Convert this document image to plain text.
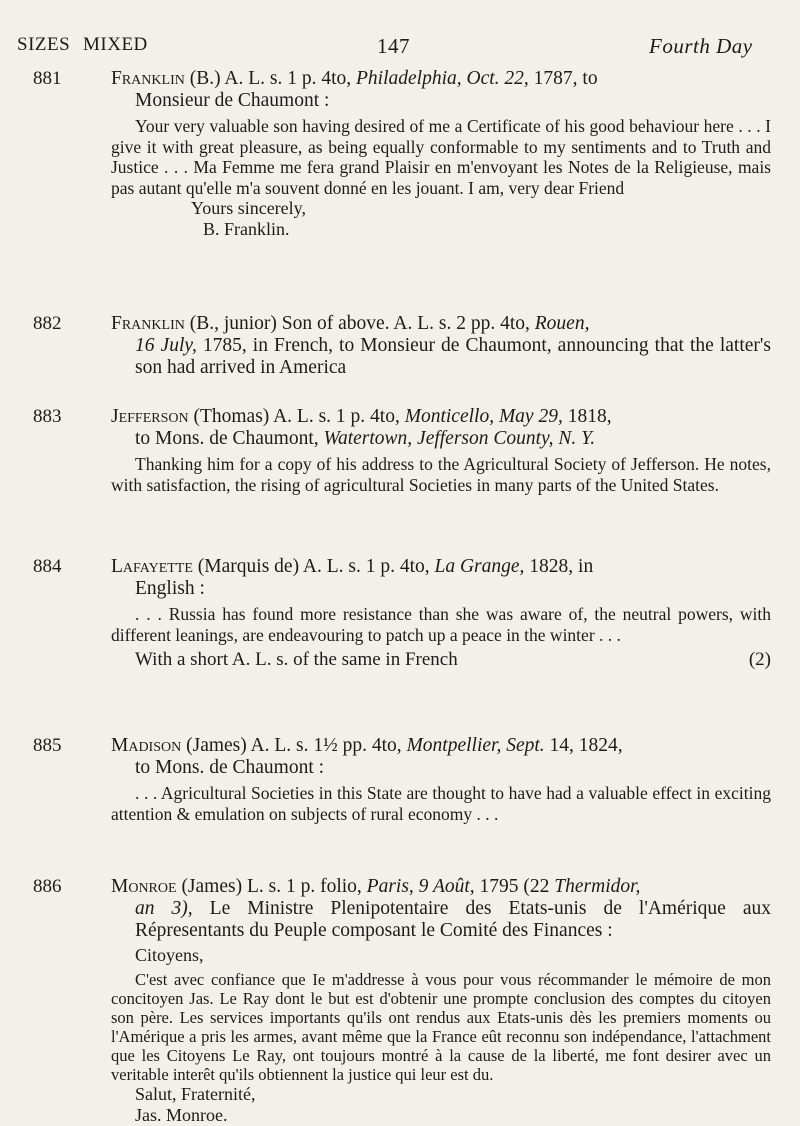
SIZES MIXED	147	Fourth Day
881	Franklin (B.) A. L. s. 1 p. 4to, Philadelphia, Oct. 22, 1787, to
Monsieur de Chaumont :
Your very valuable son having desired of me a Certificate of his good behaviour here . . . I give it with great pleasure, as being equally conformable to my sentiments and to Truth and Justice . . . Ma Femme me fera grand Plaisir en m'envoyant les Notes de la Religieuse, mais pas autant qu'elle m'a souvent donné en les jouant. I am, very dear Friend
Yours sincerely,
B. Franklin.
882	Franklin (B., junior) Son of above. A. L. s. 2 pp. 4to, Rouen,
16 July, 1785, in French, to Monsieur de Chaumont, announcing that the latter's son had arrived in America
883	Jefferson (Thomas) A. L. s. 1 p. 4to, Monticello, May 29, 1818,
to Mons. de Chaumont, Watertown, Jefferson County, N. Y.
Thanking him for a copy of his address to the Agricultural Society of Jefferson. He notes, with satisfaction, the rising of agricultural Societies in many parts of the United States.
884	Lafayette (Marquis de) A. L. s. 1 p. 4to, La Grange, 1828, in
English :
. . . Russia has found more resistance than she was aware of, the neutral powers, with different leanings, are endeavouring to patch up a peace in the winter . . .
With a short A. L. s. of the same in French	(2)
885	Madison (James) A. L. s. 1½ pp. 4to, Montpellier, Sept. 14, 1824,
to Mons. de Chaumont :
. . . Agricultural Societies in this State are thought to have had a valuable effect in exciting attention & emulation on subjects of rural economy . . .
886	Monroe (James) L. s. 1 p. folio, Paris, 9 Août, 1795 (22 Thermidor,
an 3), Le Ministre Plenipotentaire des Etats-unis de l'Amérique aux Répresentants du Peuple composant le Comité des Finances :
Citoyens,
C'est avec confiance que Ie m'addresse à vous pour vous récommander le mémoire de mon concitoyen Jas. Le Ray dont le but est d'obtenir une prompte conclusion des comptes du citoyen son père. Les services importants qu'ils ont rendus aux Etats-unis dès les premiers moments ou l'Amérique a pris les armes, avant même que la France eût reconnu son indépendance, l'attachment que les Citoyens Le Ray, ont toujours montré à la cause de la liberté, me font desirer avec un veritable interêt qu'ils obtiennent la justice qui leur est du.
Salut, Fraternité,
Jas. Monroe.
